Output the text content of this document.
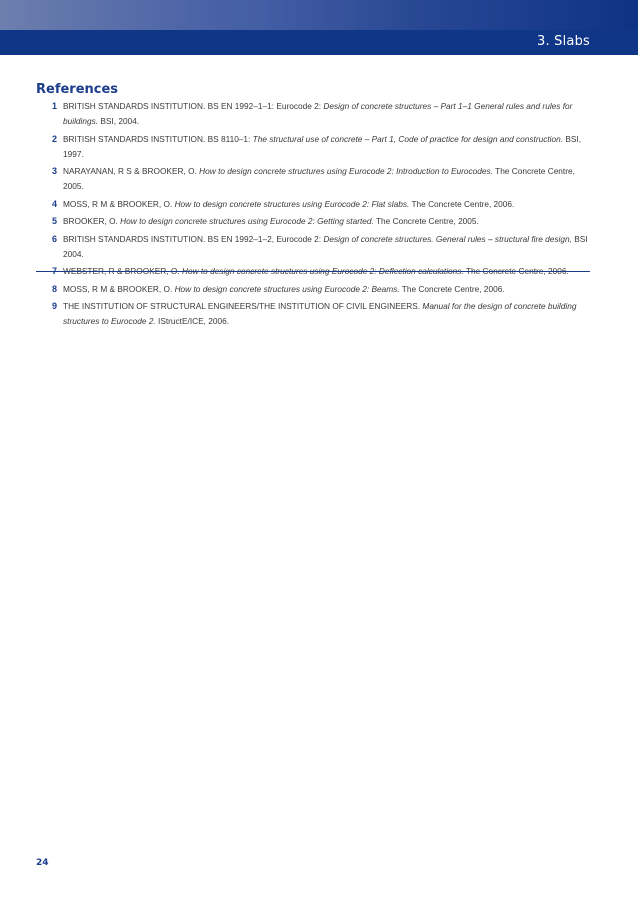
3. Slabs
References
1 BRITISH STANDARDS INSTITUTION. BS EN 1992–1–1: Eurocode 2: Design of concrete structures – Part 1–1 General rules and rules for buildings. BSI, 2004.
2 BRITISH STANDARDS INSTITUTION. BS 8110–1: The structural use of concrete – Part 1, Code of practice for design and construction. BSI, 1997.
3 NARAYANAN, R S & BROOKER, O. How to design concrete structures using Eurocode 2: Introduction to Eurocodes. The Concrete Centre, 2005.
4 MOSS, R M & BROOKER, O. How to design concrete structures using Eurocode 2: Flat slabs. The Concrete Centre, 2006.
5 BROOKER, O. How to design concrete structures using Eurocode 2: Getting started. The Concrete Centre, 2005.
6 BRITISH STANDARDS INSTITUTION. BS EN 1992–1–2, Eurocode 2: Design of concrete structures. General rules – structural fire design, BSI 2004.
7 WEBSTER, R & BROOKER, O. How to design concrete structures using Eurocode 2: Deflection calculations. The Concrete Centre, 2006.
8 MOSS, R M & BROOKER, O. How to design concrete structures using Eurocode 2: Beams. The Concrete Centre, 2006.
9 THE INSTITUTION OF STRUCTURAL ENGINEERS/THE INSTITUTION OF CIVIL ENGINEERS. Manual for the design of concrete building structures to Eurocode 2. IStructE/ICE, 2006.
24
